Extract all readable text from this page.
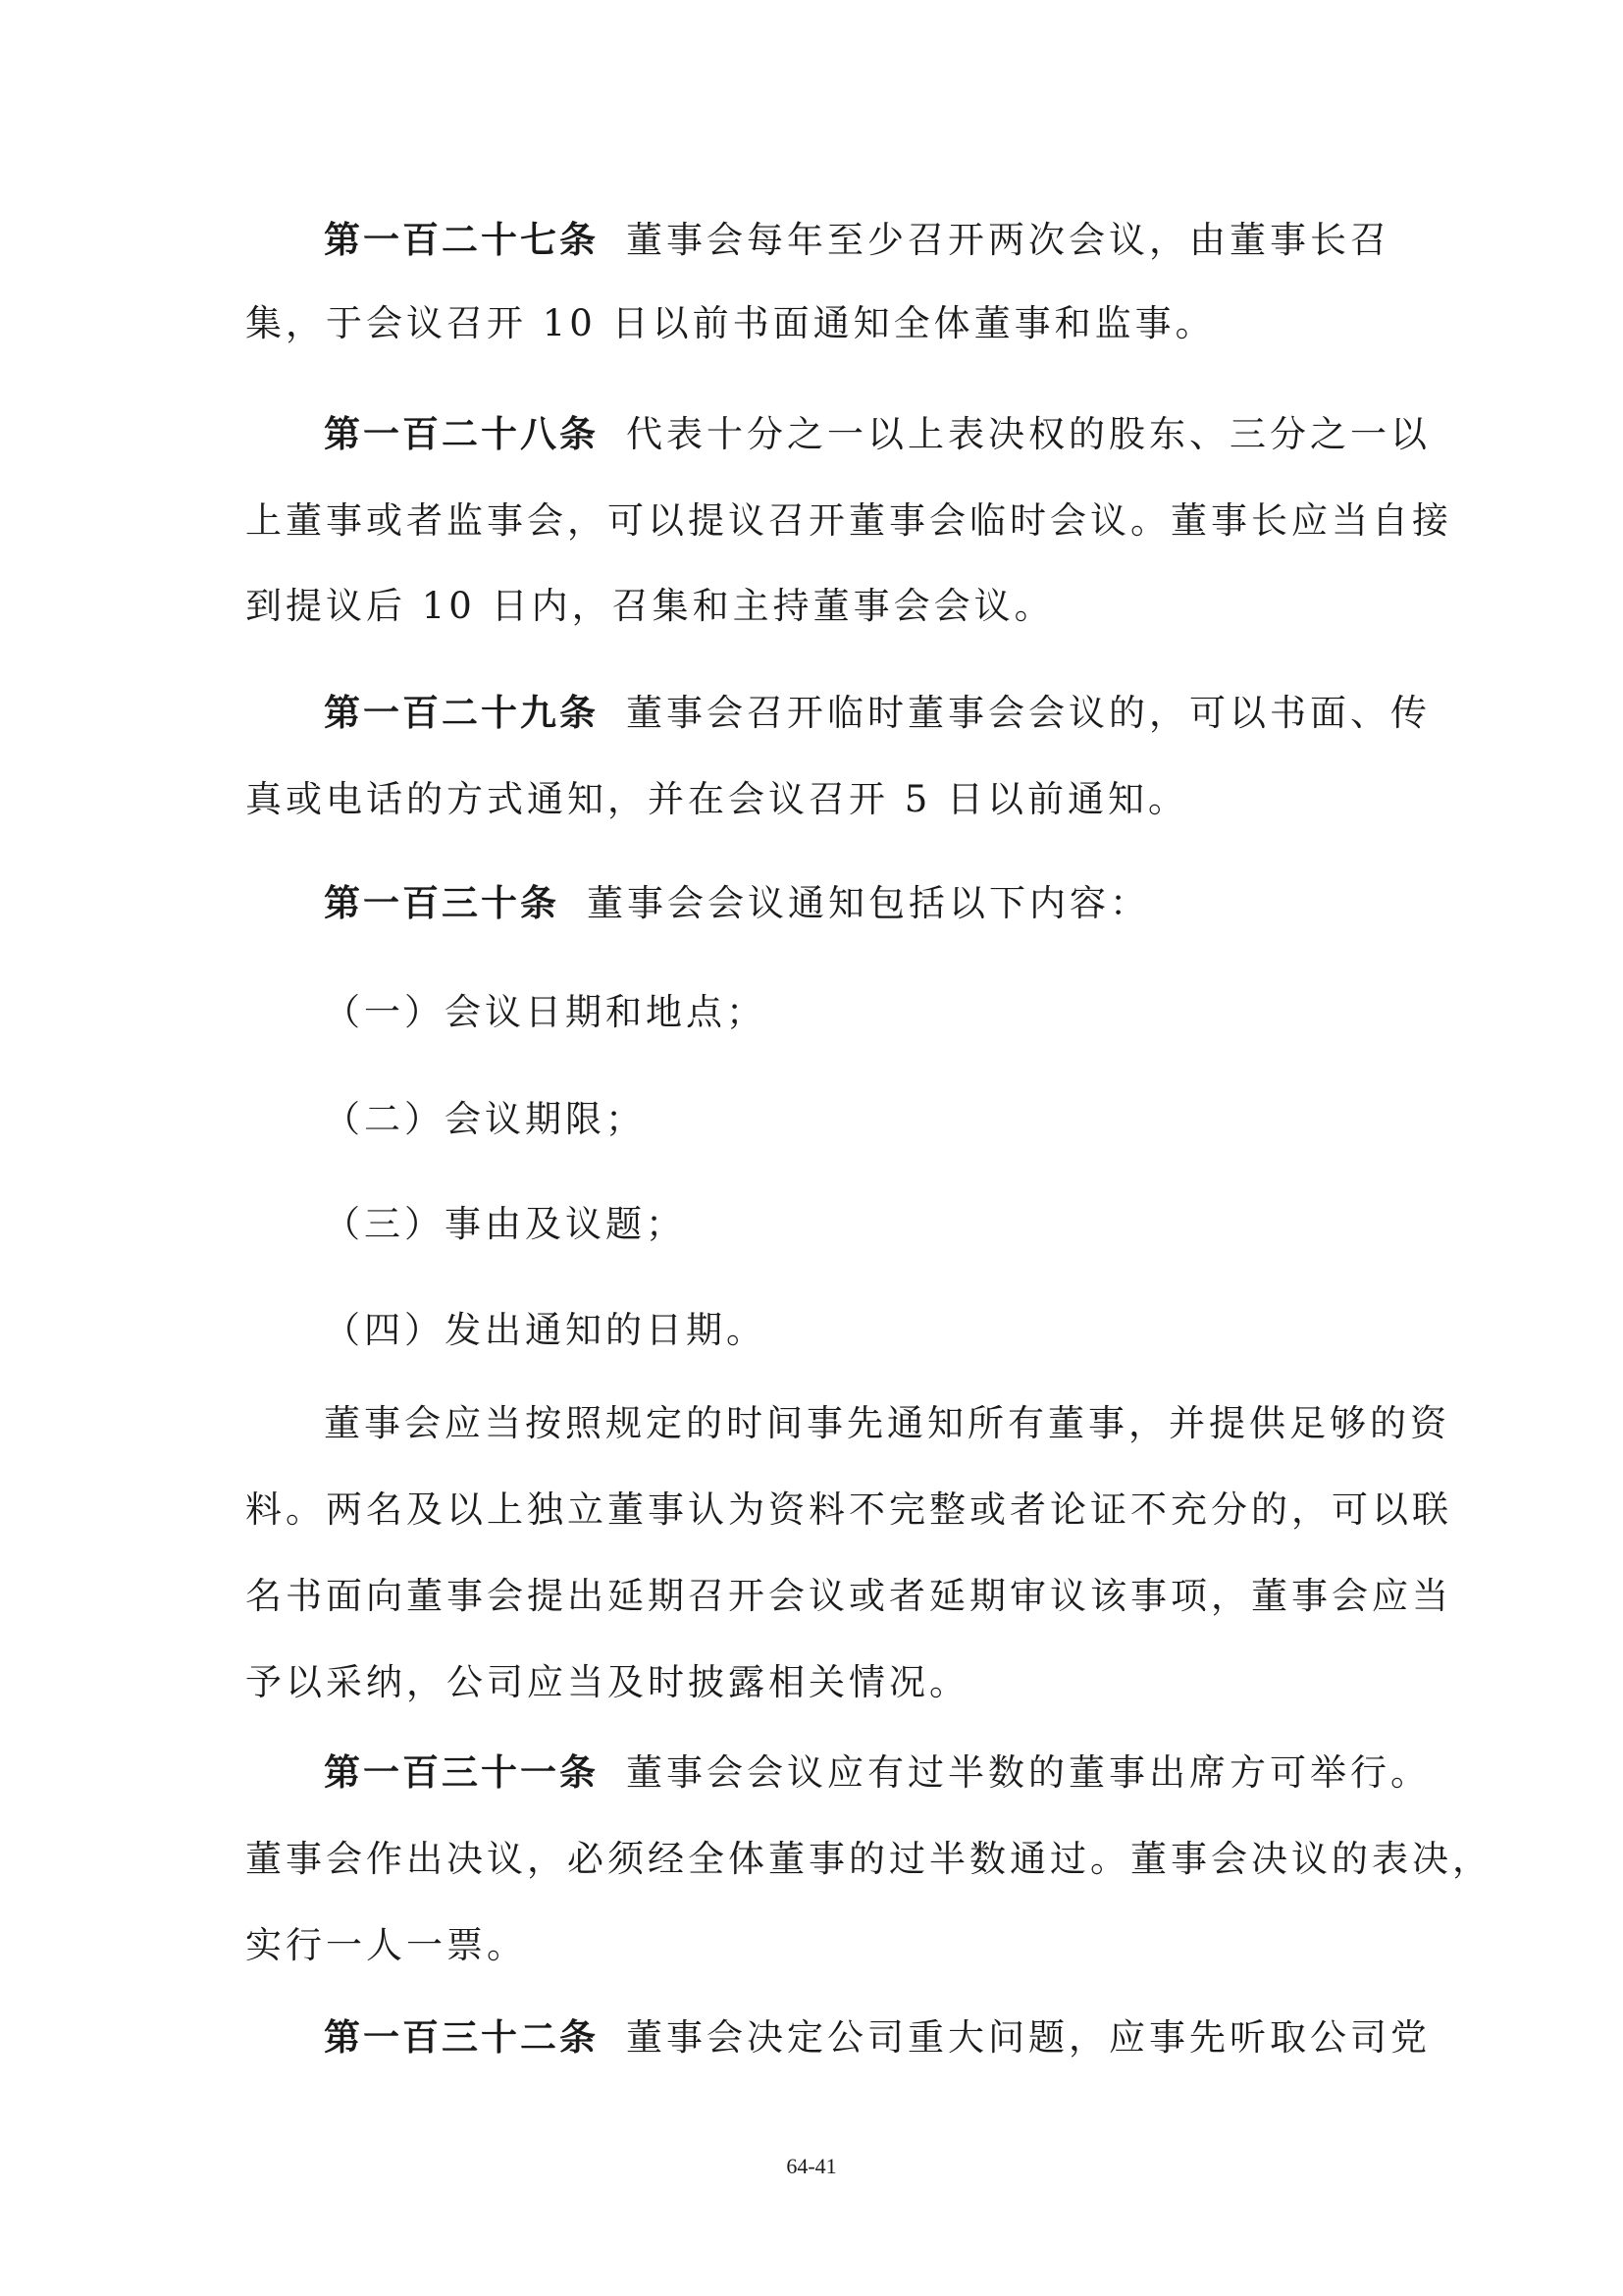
第一百二十七条 董事会每年至少召开两次会议，由董事长召
集，于会议召开 10 日以前书面通知全体董事和监事。
第一百二十八条 代表十分之一以上表决权的股东、三分之一以
上董事或者监事会，可以提议召开董事会临时会议。董事长应当自接
到提议后 10 日内，召集和主持董事会会议。
第一百二十九条 董事会召开临时董事会会议的，可以书面、传
真或电话的方式通知，并在会议召开 5 日以前通知。
第一百三十条 董事会会议通知包括以下内容：
（一）会议日期和地点；
（二）会议期限；
（三）事由及议题；
（四）发出通知的日期。
董事会应当按照规定的时间事先通知所有董事，并提供足够的资
料。两名及以上独立董事认为资料不完整或者论证不充分的，可以联
名书面向董事会提出延期召开会议或者延期审议该事项，董事会应当
予以采纳，公司应当及时披露相关情况。
第一百三十一条 董事会会议应有过半数的董事出席方可举行。
董事会作出决议，必须经全体董事的过半数通过。董事会决议的表决，
实行一人一票。
第一百三十二条 董事会决定公司重大问题，应事先听取公司党
64-41
